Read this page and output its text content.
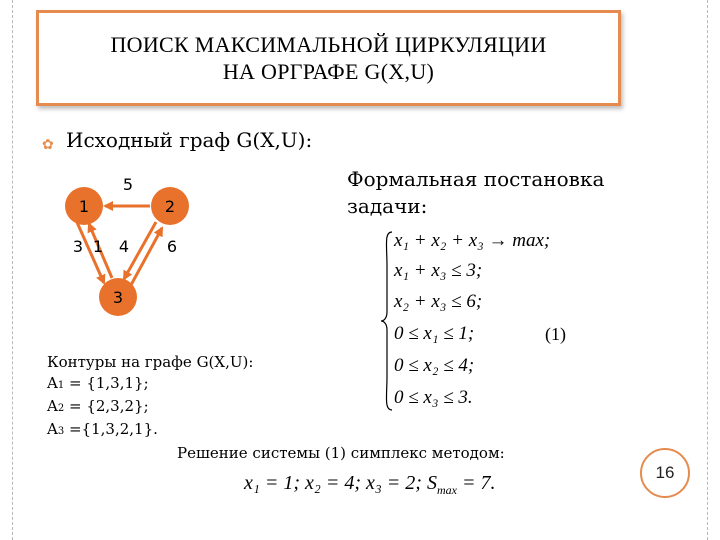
ПОИСК МАКСИМАЛЬНОЙ ЦИРКУЛЯЦИИ
НА ОРГРАФЕ G(X,U)
✿ Исходный граф G(X,U):
Формальная постановка
задачи:
1	2
3
5
3 1 4 6
Контуры на графе G(X,U):
A1 = {1,3,1};
A2 = {2,3,2};
A3 ={1,3,2,1}.
x₁ + x₂ + x₃ → max;
x₁ + x₃ ≤ 3;
x₂ + x₃ ≤ 6;
0 ≤ x₁ ≤ 1;
0 ≤ x₂ ≤ 4;
0 ≤ x₃ ≤ 3.
(1)
Решение системы (1) симплекс методом:
x₁ = 1; x₂ = 4; x₃ = 2; $S_{max} = 7$.	16
